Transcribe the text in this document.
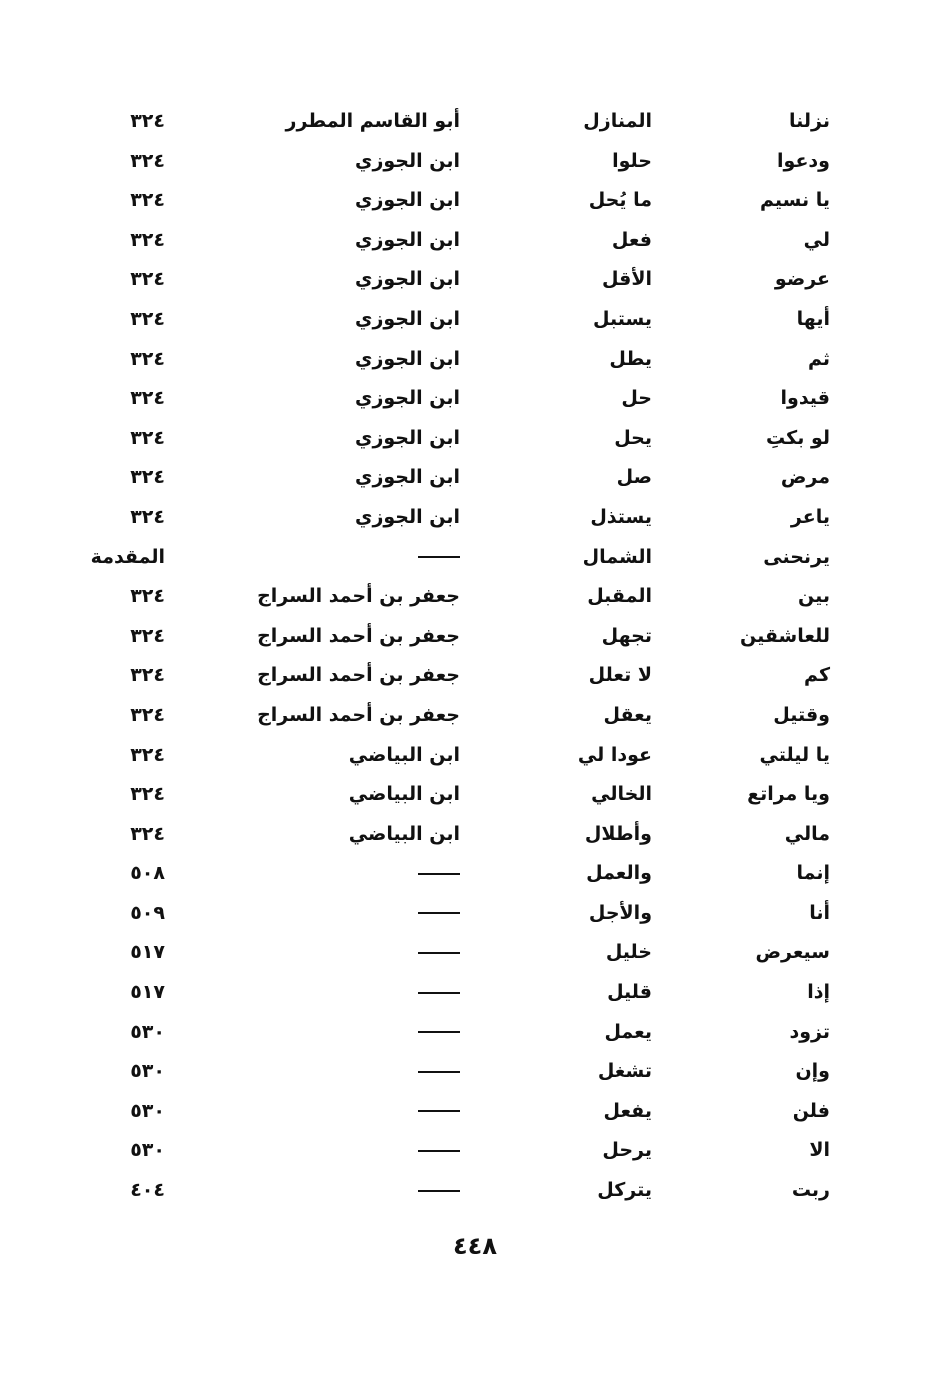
نزلنا
المنازل
أبو القاسم المطرر
٣٢٤
ودعوا
حلوا
ابن الجوزي
٣٢٤
يا نسيم
ما يُحل
ابن الجوزي
٣٢٤
لي
فعل
ابن الجوزي
٣٢٤
عرضو
الأقل
ابن الجوزي
٣٢٤
أيها
يستبل
ابن الجوزي
٣٢٤
ثم
يطل
ابن الجوزي
٣٢٤
قيدوا
حل
ابن الجوزي
٣٢٤
لو بكتِ
يحل
ابن الجوزي
٣٢٤
مرض
صل
ابن الجوزي
٣٢٤
ياعر
يستذل
ابن الجوزي
٣٢٤
يرنحنى
الشمال
المقدمة
بين
المقبل
جعفر بن أحمد السراج
٣٢٤
للعاشقين
تجهل
جعفر بن أحمد السراج
٣٢٤
كم
لا تعلل
جعفر بن أحمد السراج
٣٢٤
وقتيل
يعقل
جعفر بن أحمد السراج
٣٢٤
يا ليلتي
عودا لي
ابن البياضي
٣٢٤
ويا مراتع
الخالي
ابن البياضي
٣٢٤
مالي
وأطلال
ابن البياضي
٣٢٤
إنما
والعمل
٥٠٨
أنا
والأجل
٥٠٩
سيعرض
خليل
٥١٧
إذا
قليل
٥١٧
تزود
يعمل
٥٣٠
وإن
تشغل
٥٣٠
فلن
يفعل
٥٣٠
الا
يرحل
٥٣٠
ربت
يتركل
٤٠٤
٤٤٨
